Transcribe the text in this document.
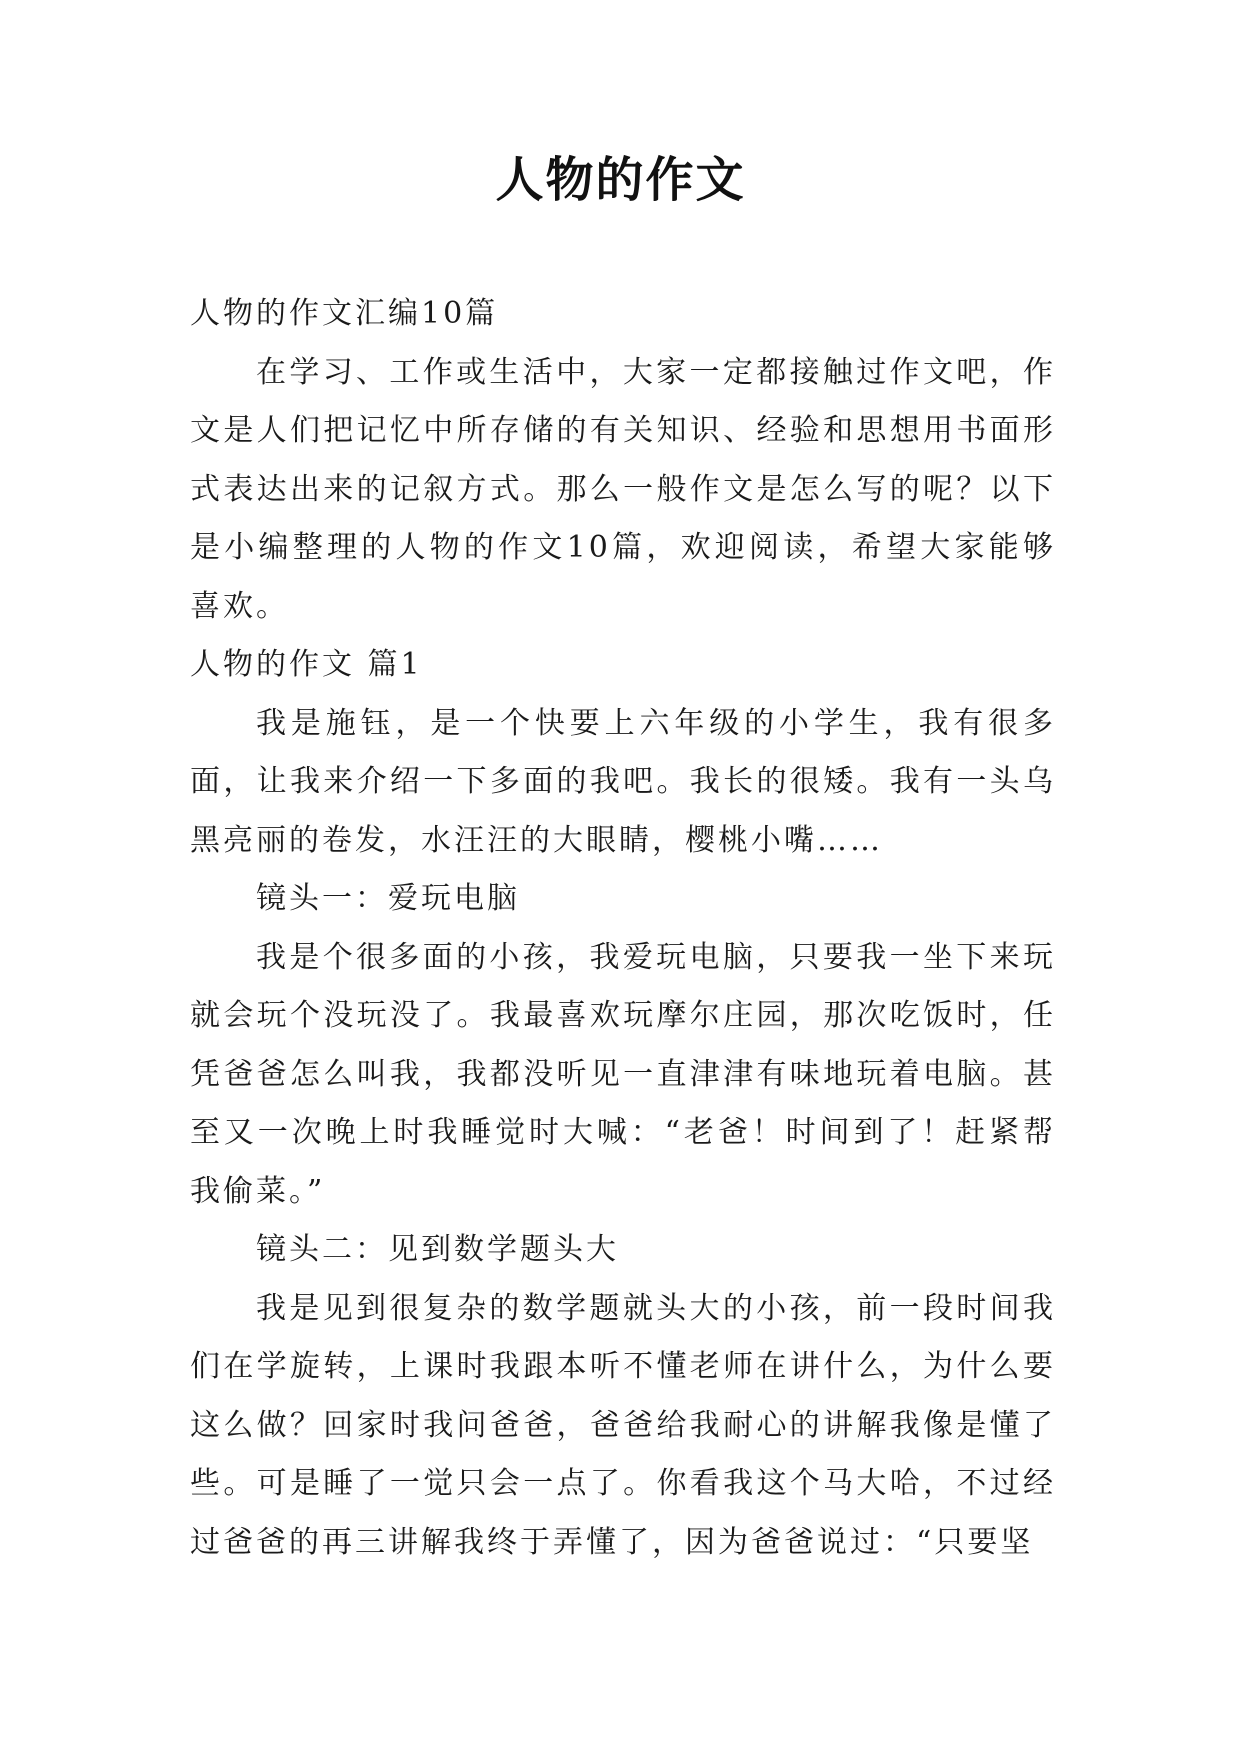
人物的作文

人物的作文汇编10篇

在学习、工作或生活中，大家一定都接触过作文吧，作文是人们把记忆中所存储的有关知识、经验和思想用书面形式表达出来的记叙方式。那么一般作文是怎么写的呢？以下是小编整理的人物的作文10篇，欢迎阅读，希望大家能够喜欢。

人物的作文 篇1

我是施钰，是一个快要上六年级的小学生，我有很多面，让我来介绍一下多面的我吧。我长的很矮。我有一头乌黑亮丽的卷发，水汪汪的大眼睛，樱桃小嘴……

镜头一：爱玩电脑

我是个很多面的小孩，我爱玩电脑，只要我一坐下来玩就会玩个没玩没了。我最喜欢玩摩尔庄园，那次吃饭时，任凭爸爸怎么叫我，我都没听见一直津津有味地玩着电脑。甚至又一次晚上时我睡觉时大喊：“老爸！时间到了！赶紧帮我偷菜。”

镜头二：见到数学题头大

我是见到很复杂的数学题就头大的小孩，前一段时间我们在学旋转，上课时我跟本听不懂老师在讲什么，为什么要这么做？回家时我问爸爸，爸爸给我耐心的讲解我像是懂了些。可是睡了一觉只会一点了。你看我这个马大哈，不过经过爸爸的再三讲解我终于弄懂了，因为爸爸说过：“只要坚
